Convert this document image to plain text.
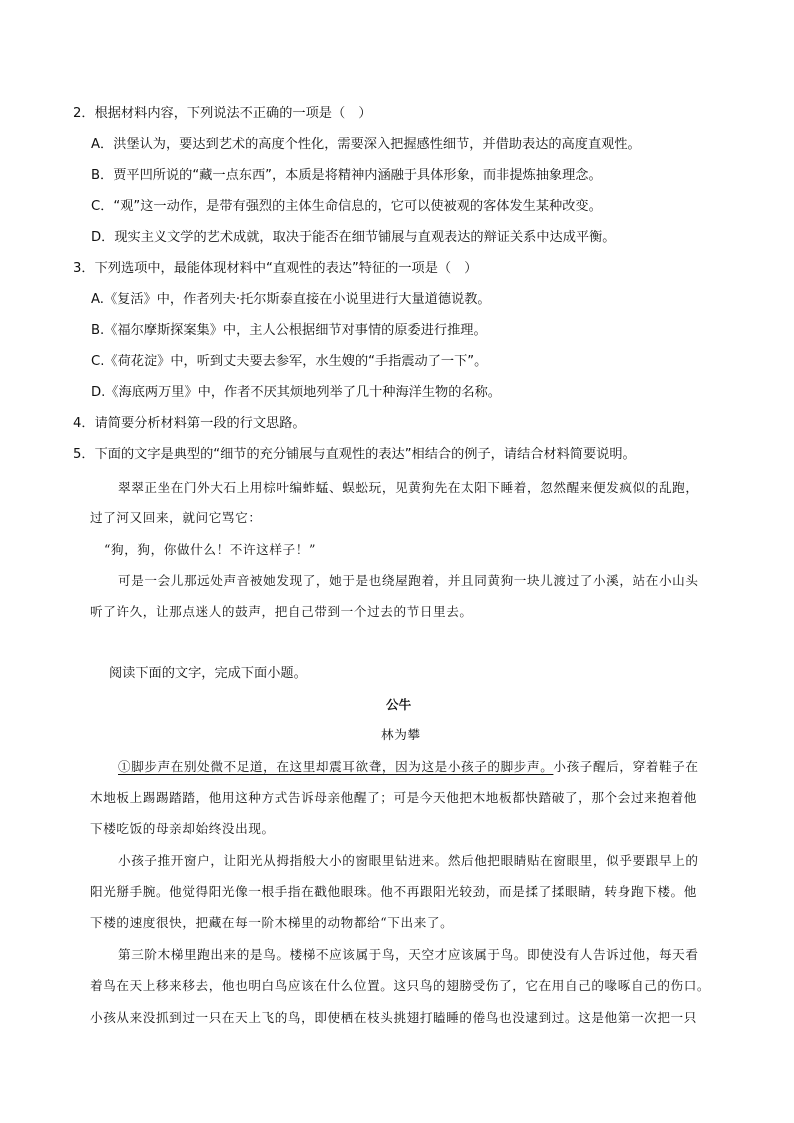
2．根据材料内容，下列说法不正确的一项是（　）
A．洪堡认为，要达到艺术的高度个性化，需要深入把握感性细节，并借助表达的高度直观性。
B．贾平凹所说的“藏一点东西”，本质是将精神内涵融于具体形象，而非提炼抽象理念。
C．“观”这一动作，是带有强烈的主体生命信息的，它可以使被观的客体发生某种改变。
D．现实主义文学的艺术成就，取决于能否在细节铺展与直观表达的辩证关系中达成平衡。
3．下列选项中，最能体现材料中“直观性的表达”特征的一项是（　）
A.《复活》中，作者列夫·托尔斯泰直接在小说里进行大量道德说教。
B.《福尔摩斯探案集》中，主人公根据细节对事情的原委进行推理。
C.《荷花淀》中，听到丈夫要去参军，水生嫂的“手指震动了一下”。
D.《海底两万里》中，作者不厌其烦地列举了几十种海洋生物的名称。
4．请简要分析材料第一段的行文思路。
5．下面的文字是典型的“细节的充分铺展与直观性的表达”相结合的例子，请结合材料简要说明。
翠翠正坐在门外大石上用棕叶编蚱蜢、蜈蚣玩，见黄狗先在太阳下睡着，忽然醒来便发疯似的乱跑，
过了河又回来，就问它骂它：
“狗，狗，你做什么！不许这样子！”
可是一会儿那远处声音被她发现了，她于是也绕屋跑着，并且同黄狗一块儿渡过了小溪，站在小山头
听了许久，让那点迷人的鼓声，把自己带到一个过去的节日里去。
阅读下面的文字，完成下面小题。
公牛
林为攀
①脚步声在别处微不足道，在这里却震耳欲聋，因为这是小孩子的脚步声。小孩子醒后，穿着鞋子在
木地板上踢踢踏踏，他用这种方式告诉母亲他醒了；可是今天他把木地板都快踏破了，那个会过来抱着他
下楼吃饭的母亲却始终没出现。
小孩子推开窗户，让阳光从拇指般大小的窗眼里钻进来。然后他把眼睛贴在窗眼里，似乎要跟早上的
阳光掰手腕。他觉得阳光像一根手指在戳他眼珠。他不再跟阳光较劲，而是揉了揉眼睛，转身跑下楼。他
下楼的速度很快，把藏在每一阶木梯里的动物都给“下出来了。
第三阶木梯里跑出来的是鸟。楼梯不应该属于鸟，天空才应该属于鸟。即使没有人告诉过他，每天看
着鸟在天上移来移去，他也明白鸟应该在什么位置。这只鸟的翅膀受伤了，它在用自己的喙啄自己的伤口。
小孩从来没抓到过一只在天上飞的鸟，即使栖在枝头挑翅打瞌睡的倦鸟也没逮到过。这是他第一次把一只
